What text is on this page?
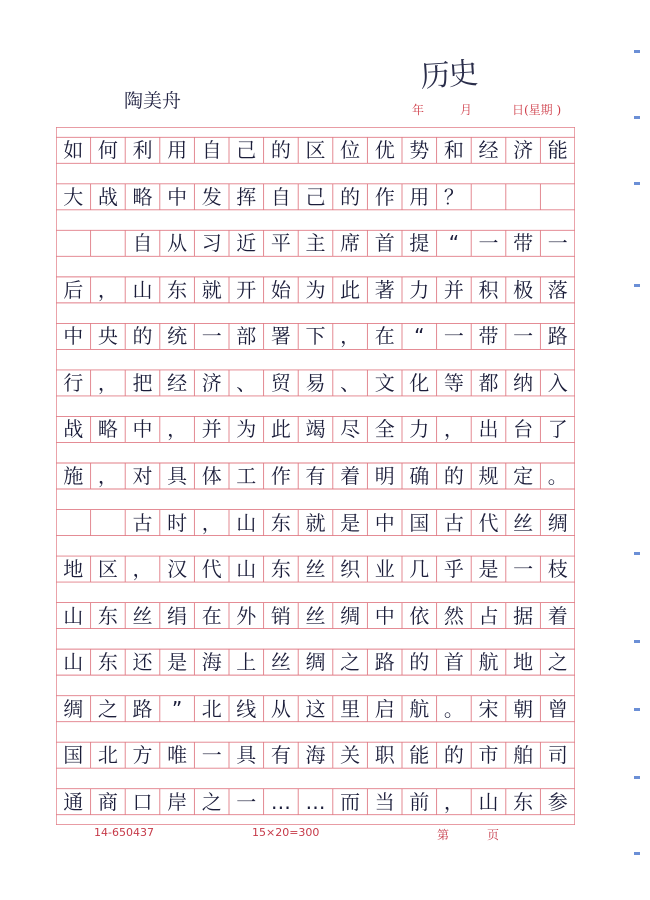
历史
陶美舟	年	月	日(星期 )
如 何 利 用 自 己 的 区 位 优 势 和 经 济 能
大 战 略 中 发 挥 自 己 的 作 用 ？

自 从 习 近 平 主 席 首 提 “ 一 带 一
后 ， 山 东 就 开 始 为 此 著 力 并 积 极 落
中 央 的 统 一 部 署 下 ， 在 “ 一 带 一 路
行 ， 把 经 济 、 贸 易 、 文 化 等 都 纳 入
战 略 中 ， 并 为 此 竭 尽 全 力 ， 出 台 了
施 ， 对 具 体 工 作 有 着 明 确 的 规 定 。

古 时 ， 山 东 就 是 中 国 古 代 丝 绸
地 区 ， 汉 代 山 东 丝 织 业 几 乎 是 一 枝
山 东 丝 绢 在 外 销 丝 绸 中 依 然 占 据 着
山 东 还 是 海 上 丝 绸 之 路 的 首 航 地 之
绸 之 路 ” 北 线 从 这 里 启 航 。 宋 朝 曾
国 北 方 唯 一 具 有 海 关 职 能 的 市 舶 司
通 商 口 岸 之 一 … … 而 当 前 ， 山 东 参
14-650437	15×20=300	第	页
